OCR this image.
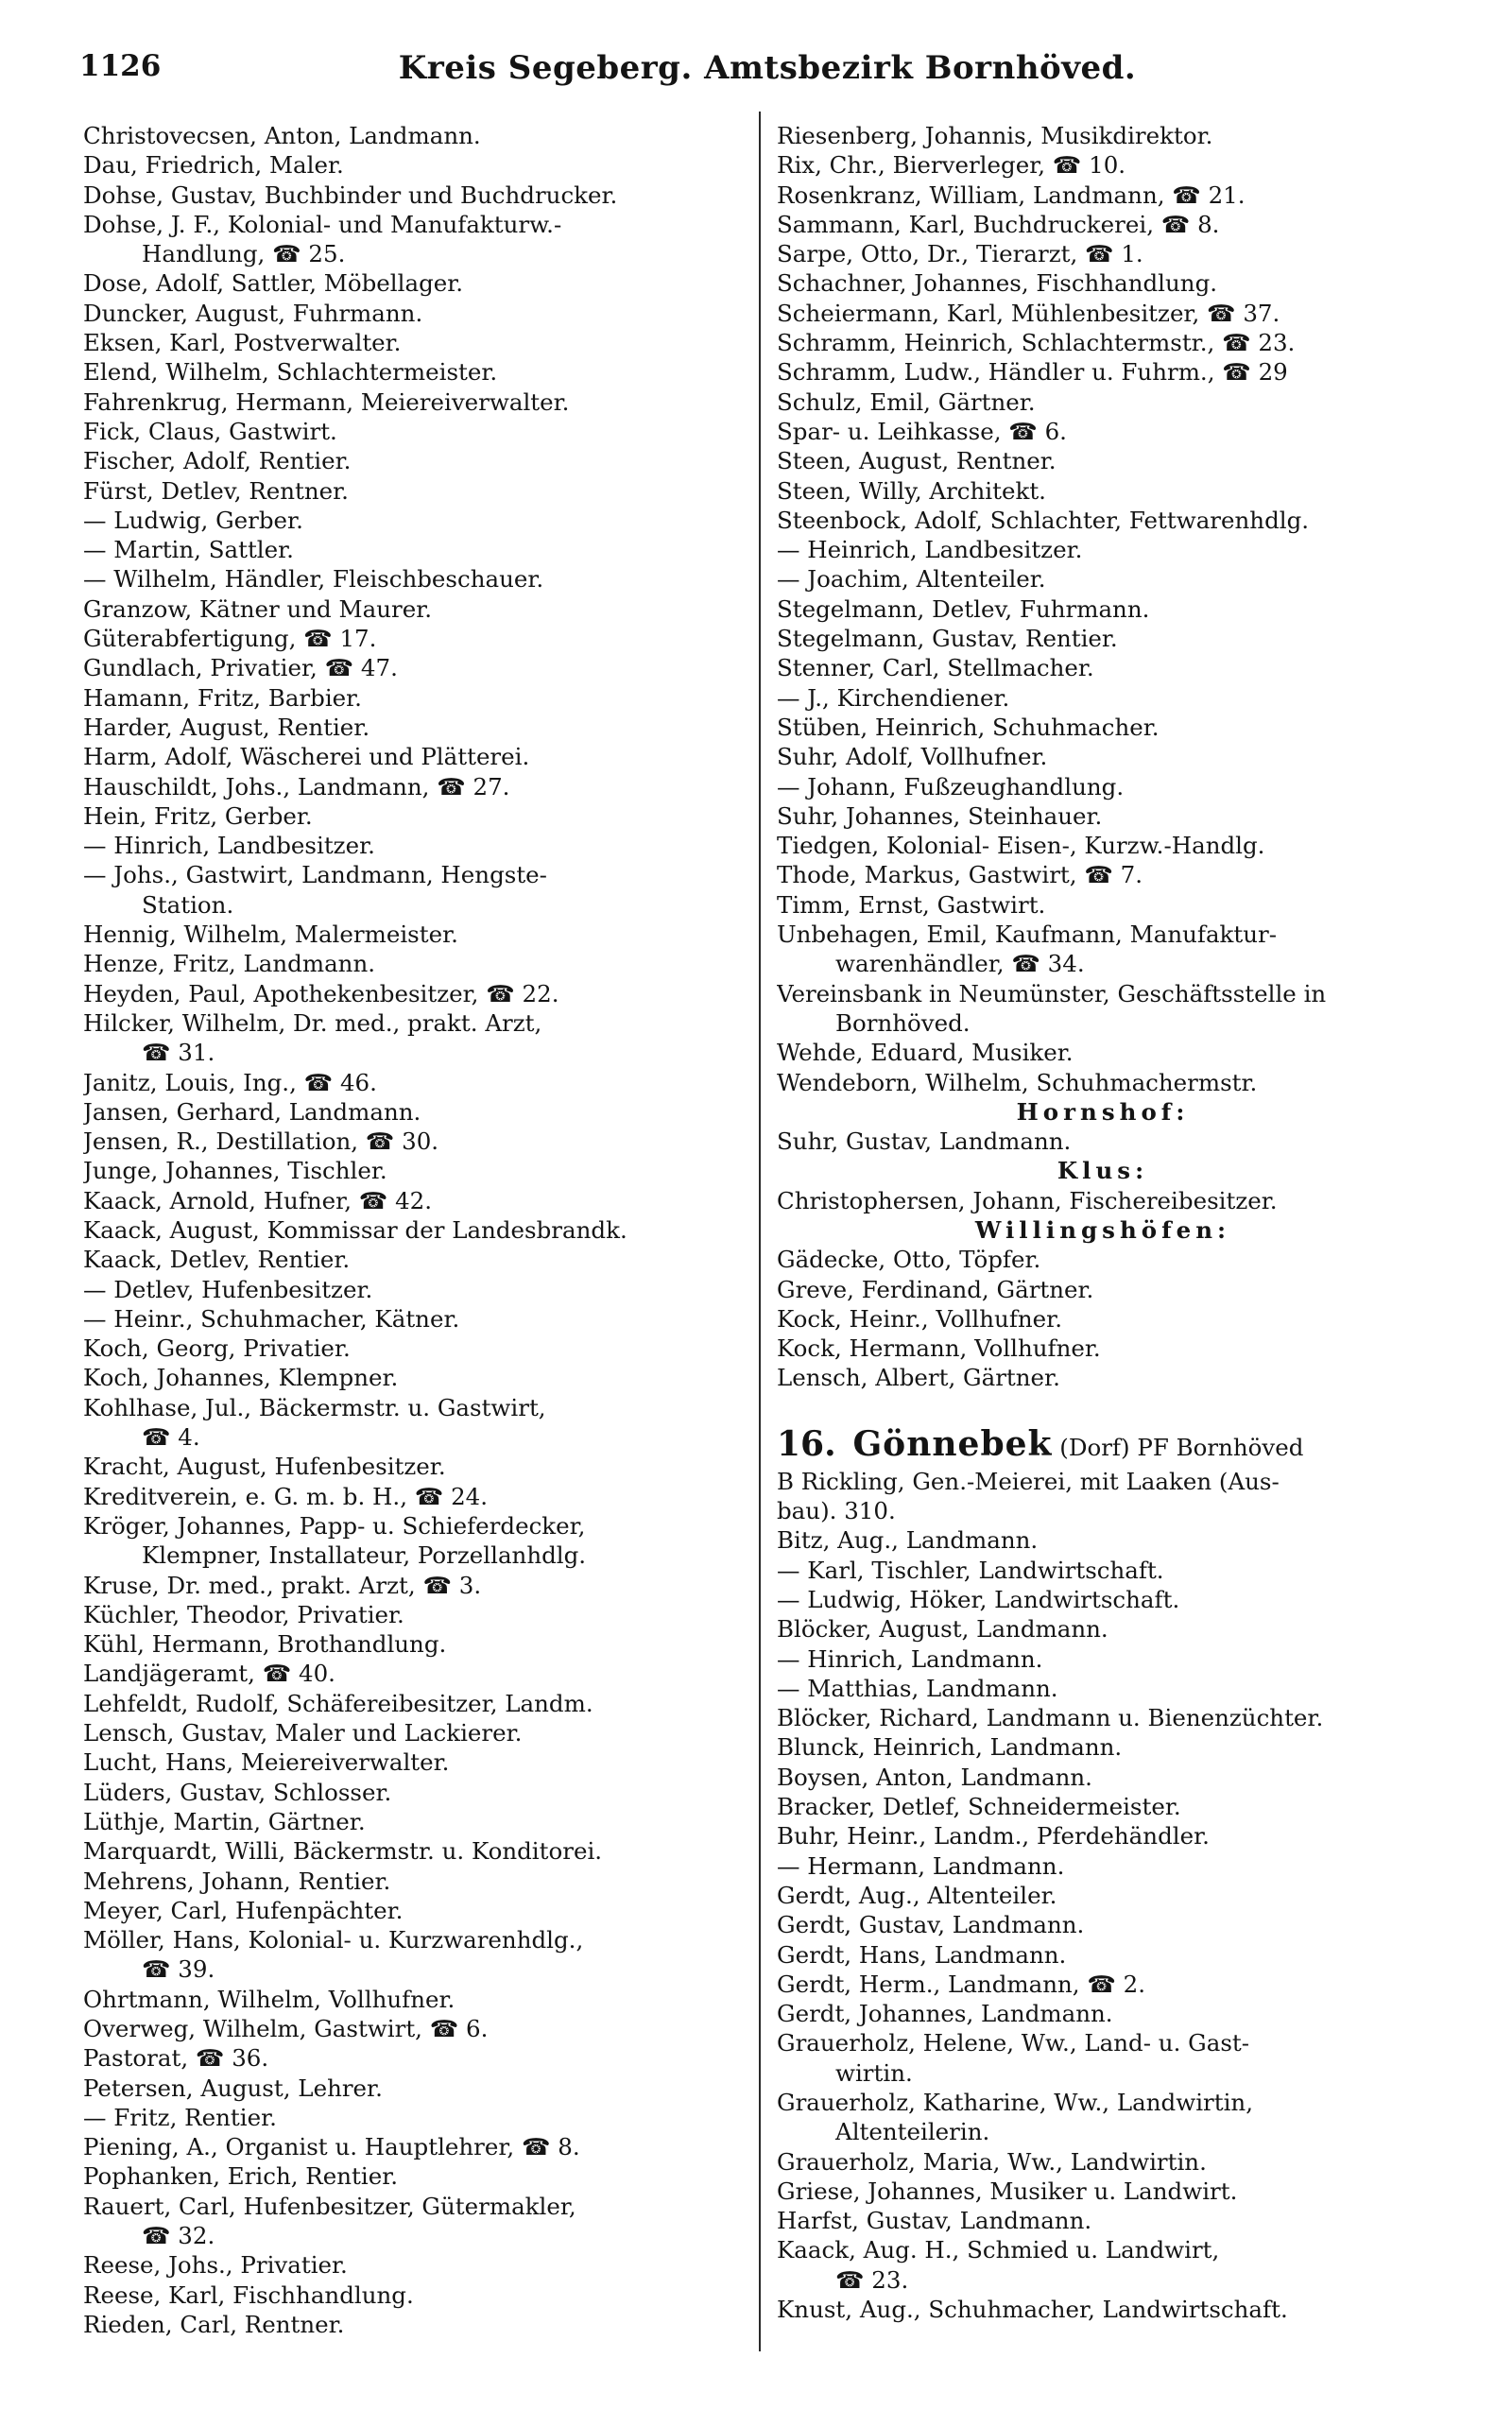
1126	Kreis Segeberg. Amtsbezirk Bornhöved.
Christovecsen, Anton, Landmann.
Dau, Friedrich, Maler.
Dohse, Gustav, Buchbinder und Buchdrucker.
Dohse, J. F., Kolonial- und Manufakturw.-
Handlung, ☎ 25.
Dose, Adolf, Sattler, Möbellager.
Duncker, August, Fuhrmann.
Eksen, Karl, Postverwalter.
Elend, Wilhelm, Schlachtermeister.
Fahrenkrug, Hermann, Meiereiverwalter.
Fick, Claus, Gastwirt.
Fischer, Adolf, Rentier.
Fürst, Detlev, Rentner.
— Ludwig, Gerber.
— Martin, Sattler.
— Wilhelm, Händler, Fleischbeschauer.
Granzow, Kätner und Maurer.
Güterabfertigung, ☎ 17.
Gundlach, Privatier, ☎ 47.
Hamann, Fritz, Barbier.
Harder, August, Rentier.
Harm, Adolf, Wäscherei und Plätterei.
Hauschildt, Johs., Landmann, ☎ 27.
Hein, Fritz, Gerber.
— Hinrich, Landbesitzer.
— Johs., Gastwirt, Landmann, Hengste-
Station.
Hennig, Wilhelm, Malermeister.
Henze, Fritz, Landmann.
Heyden, Paul, Apothekenbesitzer, ☎ 22.
Hilcker, Wilhelm, Dr. med., prakt. Arzt,
☎ 31.
Janitz, Louis, Ing., ☎ 46.
Jansen, Gerhard, Landmann.
Jensen, R., Destillation, ☎ 30.
Junge, Johannes, Tischler.
Kaack, Arnold, Hufner, ☎ 42.
Kaack, August, Kommissar der Landesbrandk.
Kaack, Detlev, Rentier.
— Detlev, Hufenbesitzer.
— Heinr., Schuhmacher, Kätner.
Koch, Georg, Privatier.
Koch, Johannes, Klempner.
Kohlhase, Jul., Bäckermstr. u. Gastwirt,
☎ 4.
Kracht, August, Hufenbesitzer.
Kreditverein, e. G. m. b. H., ☎ 24.
Kröger, Johannes, Papp- u. Schieferdecker,
Klempner, Installateur, Porzellanhdlg.
Kruse, Dr. med., prakt. Arzt, ☎ 3.
Küchler, Theodor, Privatier.
Kühl, Hermann, Brothandlung.
Landjägeramt, ☎ 40.
Lehfeldt, Rudolf, Schäfereibesitzer, Landm.
Lensch, Gustav, Maler und Lackierer.
Lucht, Hans, Meiereiverwalter.
Lüders, Gustav, Schlosser.
Lüthje, Martin, Gärtner.
Marquardt, Willi, Bäckermstr. u. Konditorei.
Mehrens, Johann, Rentier.
Meyer, Carl, Hufenpächter.
Möller, Hans, Kolonial- u. Kurzwarenhdlg.,
☎ 39.
Ohrtmann, Wilhelm, Vollhufner.
Overweg, Wilhelm, Gastwirt, ☎ 6.
Pastorat, ☎ 36.
Petersen, August, Lehrer.
— Fritz, Rentier.
Piening, A., Organist u. Hauptlehrer, ☎ 8.
Pophanken, Erich, Rentier.
Rauert, Carl, Hufenbesitzer, Gütermakler,
☎ 32.
Reese, Johs., Privatier.
Reese, Karl, Fischhandlung.
Rieden, Carl, Rentner.
Riesenberg, Johannis, Musikdirektor.
Rix, Chr., Bierverleger, ☎ 10.
Rosenkranz, William, Landmann, ☎ 21.
Sammann, Karl, Buchdruckerei, ☎ 8.
Sarpe, Otto, Dr., Tierarzt, ☎ 1.
Schachner, Johannes, Fischhandlung.
Scheiermann, Karl, Mühlenbesitzer, ☎ 37.
Schramm, Heinrich, Schlachtermstr., ☎ 23.
Schramm, Ludw., Händler u. Fuhrm., ☎ 29
Schulz, Emil, Gärtner.
Spar- u. Leihkasse, ☎ 6.
Steen, August, Rentner.
Steen, Willy, Architekt.
Steenbock, Adolf, Schlachter, Fettwarenhdlg.
— Heinrich, Landbesitzer.
— Joachim, Altenteiler.
Stegelmann, Detlev, Fuhrmann.
Stegelmann, Gustav, Rentier.
Stenner, Carl, Stellmacher.
— J., Kirchendiener.
Stüben, Heinrich, Schuhmacher.
Suhr, Adolf, Vollhufner.
— Johann, Fußzeughandlung.
Suhr, Johannes, Steinhauer.
Tiedgen, Kolonial- Eisen-, Kurzw.-Handlg.
Thode, Markus, Gastwirt, ☎ 7.
Timm, Ernst, Gastwirt.
Unbehagen, Emil, Kaufmann, Manufaktur-
warenhändler, ☎ 34.
Vereinsbank in Neumünster, Geschäftsstelle in
Bornhöved.
Wehde, Eduard, Musiker.
Wendeborn, Wilhelm, Schuhmachermstr.
Hornshof:
Suhr, Gustav, Landmann.
Klus:
Christophersen, Johann, Fischereibesitzer.
Willingshöfen:
Gädecke, Otto, Töpfer.
Greve, Ferdinand, Gärtner.
Kock, Heinr., Vollhufner.
Kock, Hermann, Vollhufner.
Lensch, Albert, Gärtner.
16. Gönnebek (Dorf) PF Bornhöved
B Rickling, Gen.-Meierei, mit Laaken (Aus-
bau). 310.
Bitz, Aug., Landmann.
— Karl, Tischler, Landwirtschaft.
— Ludwig, Höker, Landwirtschaft.
Blöcker, August, Landmann.
— Hinrich, Landmann.
— Matthias, Landmann.
Blöcker, Richard, Landmann u. Bienenzüchter.
Blunck, Heinrich, Landmann.
Boysen, Anton, Landmann.
Bracker, Detlef, Schneidermeister.
Buhr, Heinr., Landm., Pferdehändler.
— Hermann, Landmann.
Gerdt, Aug., Altenteiler.
Gerdt, Gustav, Landmann.
Gerdt, Hans, Landmann.
Gerdt, Herm., Landmann, ☎ 2.
Gerdt, Johannes, Landmann.
Grauerholz, Helene, Ww., Land- u. Gast-
wirtin.
Grauerholz, Katharine, Ww., Landwirtin,
Altenteilerin.
Grauerholz, Maria, Ww., Landwirtin.
Griese, Johannes, Musiker u. Landwirt.
Harfst, Gustav, Landmann.
Kaack, Aug. H., Schmied u. Landwirt,
☎ 23.
Knust, Aug., Schuhmacher, Landwirtschaft.
